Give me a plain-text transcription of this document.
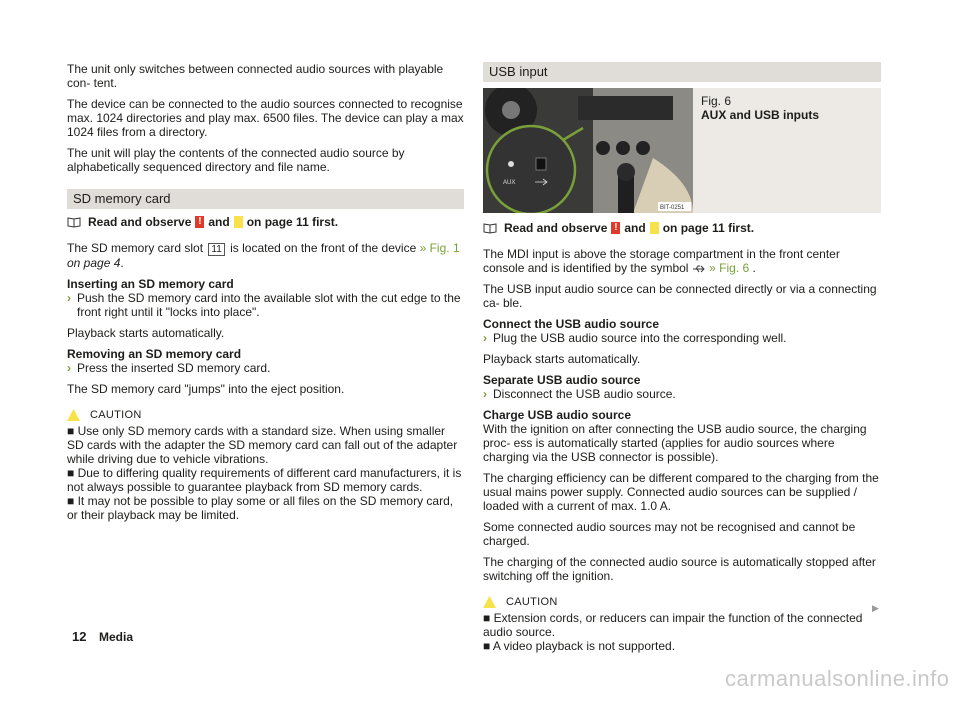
The unit only switches between connected audio sources with playable con- tent.

The device can be connected to the audio sources connected to recognise max. 1024 directories and play max. 6500 files. The device can play a max 1024 files from a directory.

The unit will play the contents of the connected audio source by alphabetically sequenced directory and file name.

SD memory card
Read and observe ! and on page 11 first.

The SD memory card slot 11 is located on the front of the device » Fig. 1 on page 4.

Inserting an SD memory card

› Push the SD memory card into the available slot with the cut edge to the front right until it "locks into place".

Playback starts automatically.

Removing an SD memory card

› Press the inserted SD memory card.

The SD memory card "jumps" into the eject position.

CAUTION

■ Use only SD memory cards with a standard size. When using smaller SD cards with the adapter the SD memory card can fall out of the adapter while driving due to vehicle vibrations.

■ Due to differing quality requirements of different card manufacturers, it is not always possible to guarantee playback from SD memory cards.

■ It may not be possible to play some or all files on the SD memory card, or their playback may be limited.

USB input
AUX
BIT-0251

Fig. 6

AUX and USB inputs

Read and observe ! and on page 11 first.

The MDI input is above the storage compartment in the front center console and is identified by the symbol » Fig. 6 .

The USB input audio source can be connected directly or via a connecting ca- ble.

Connect the USB audio source

› Plug the USB audio source into the corresponding well.

Playback starts automatically.

Separate USB audio source

› Disconnect the USB audio source.

Charge USB audio source

With the ignition on after connecting the USB audio source, the charging proc- ess is automatically started (applies for audio sources where charging via the USB connector is possible).

The charging efficiency can be different compared to the charging from the usual mains power supply. Connected audio sources can be supplied / loaded with a current of max. 1.0 A.

Some connected audio sources may not be recognised and cannot be charged.

The charging of the connected audio source is automatically stopped after switching off the ignition.

CAUTION

■ Extension cords, or reducers can impair the function of the connected audio source.

■ A video playback is not supported.

▶
12 Media
carmanualsonline.info
